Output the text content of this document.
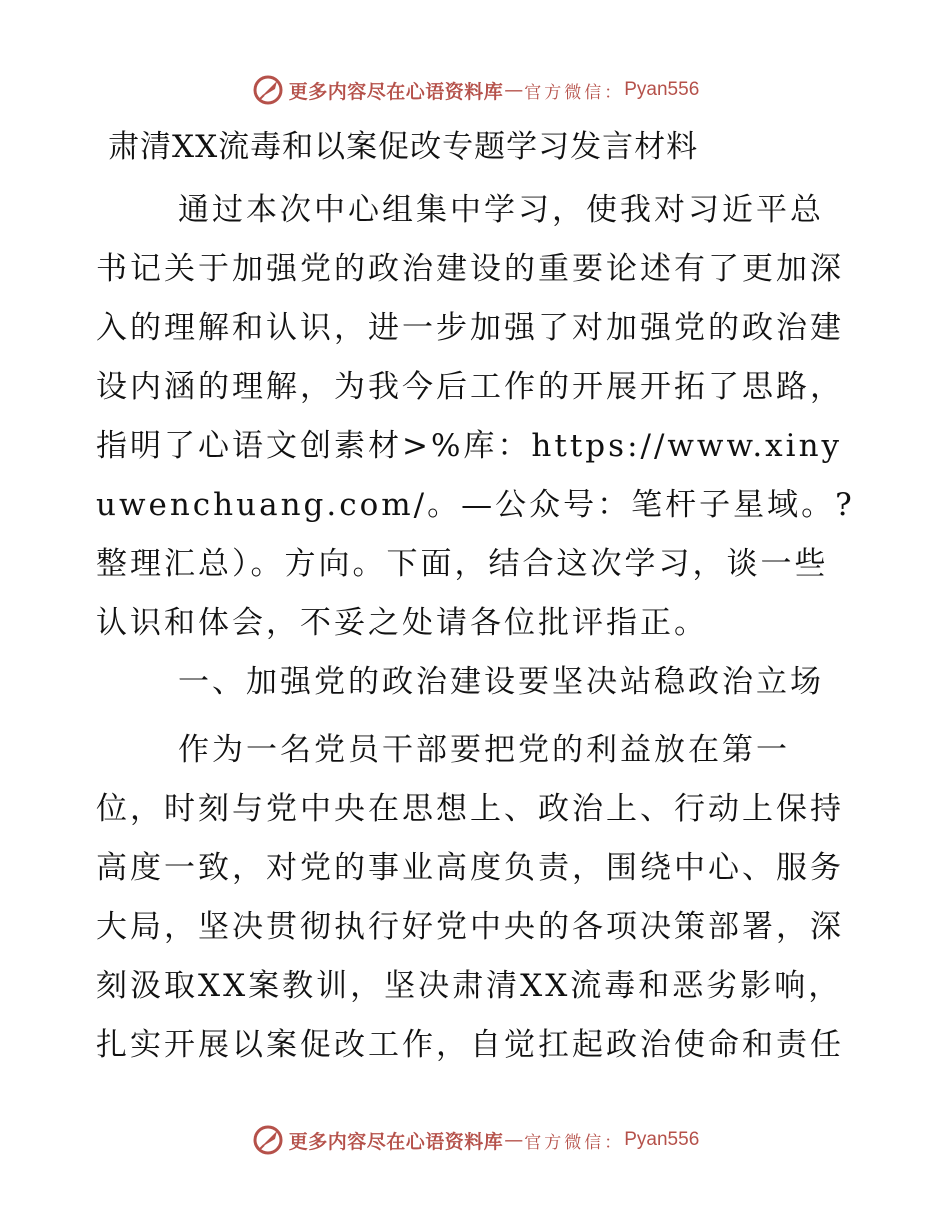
更多内容尽在心语资料库 — 官方微信： Pyan556
肃清XX流毒和以案促改专题学习发言材料

通过本次中心组集中学习，使我对习近平总书记关于加强党的政治建设的重要论述有了更加深入的理解和认识，进一步加强了对加强党的政治建设内涵的理解，为我今后工作的开展开拓了思路，指明了心语文创素材>%库：https://www.xinyuwenchuang.com/。—公众号：笔杆子星域。?整理汇总）。方向。下面，结合这次学习，谈一些认识和体会，不妥之处请各位批评指正。

一、加强党的政治建设要坚决站稳政治立场

作为一名党员干部要把党的利益放在第一位，时刻与党中央在思想上、政治上、行动上保持高度一致，对党的事业高度负责，围绕中心、服务大局，坚决贯彻执行好党中央的各项决策部署，深刻汲取XX案教训，坚决肃清XX流毒和恶劣影响，扎实开展以案促改工作，自觉扛起政治使命和责任

更多内容尽在心语资料库 — 官方微信： Pyan556
